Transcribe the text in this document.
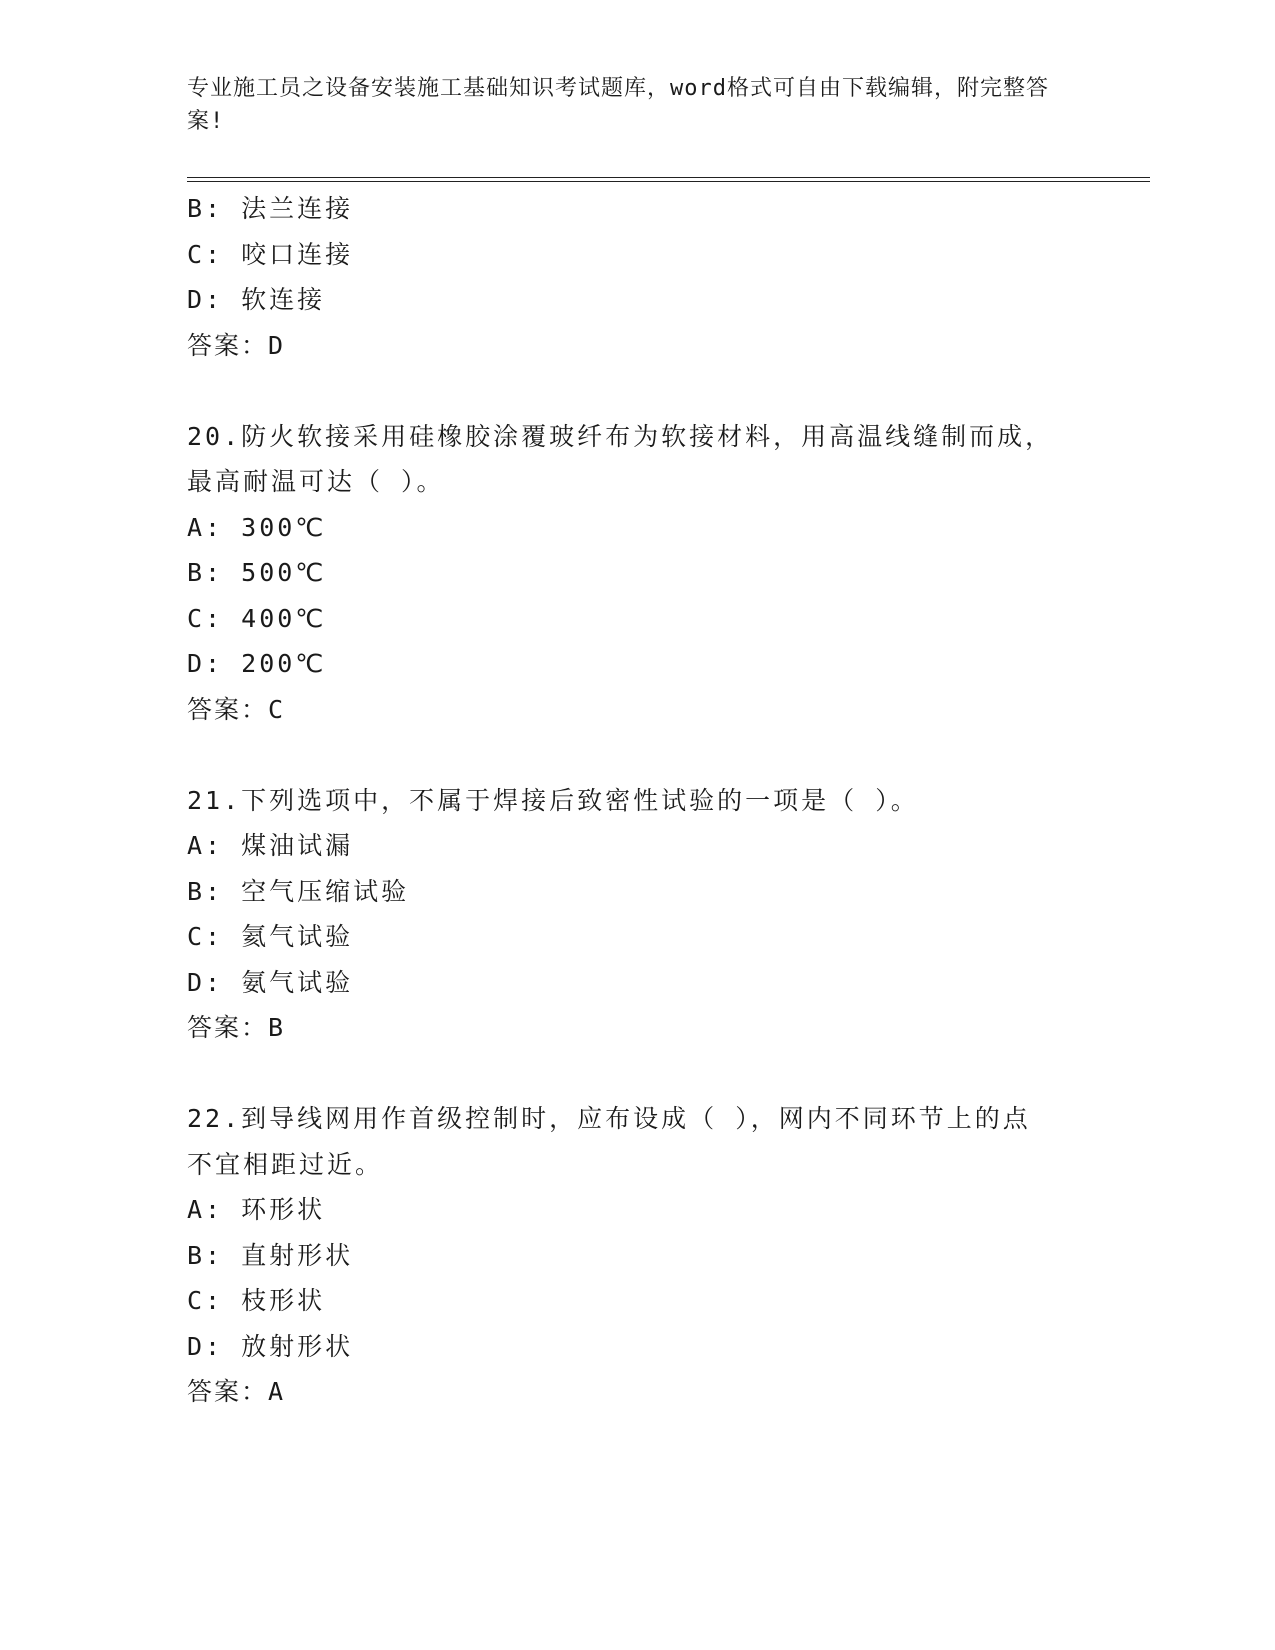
专业施工员之设备安装施工基础知识考试题库，word格式可自由下载编辑，附完整答案!
B: 法兰连接
C: 咬口连接
D: 软连接
答案：D
20.防火软接采用硅橡胶涂覆玻纤布为软接材料，用高温线缝制而成，
最高耐温可达（ ）。
A: 300℃
B: 500℃
C: 400℃
D: 200℃
答案：C
21.下列选项中，不属于焊接后致密性试验的一项是（ ）。
A: 煤油试漏
B: 空气压缩试验
C: 氦气试验
D: 氨气试验
答案：B
22.到导线网用作首级控制时，应布设成（ ），网内不同环节上的点
不宜相距过近。
A: 环形状
B: 直射形状
C: 枝形状
D: 放射形状
答案：A
